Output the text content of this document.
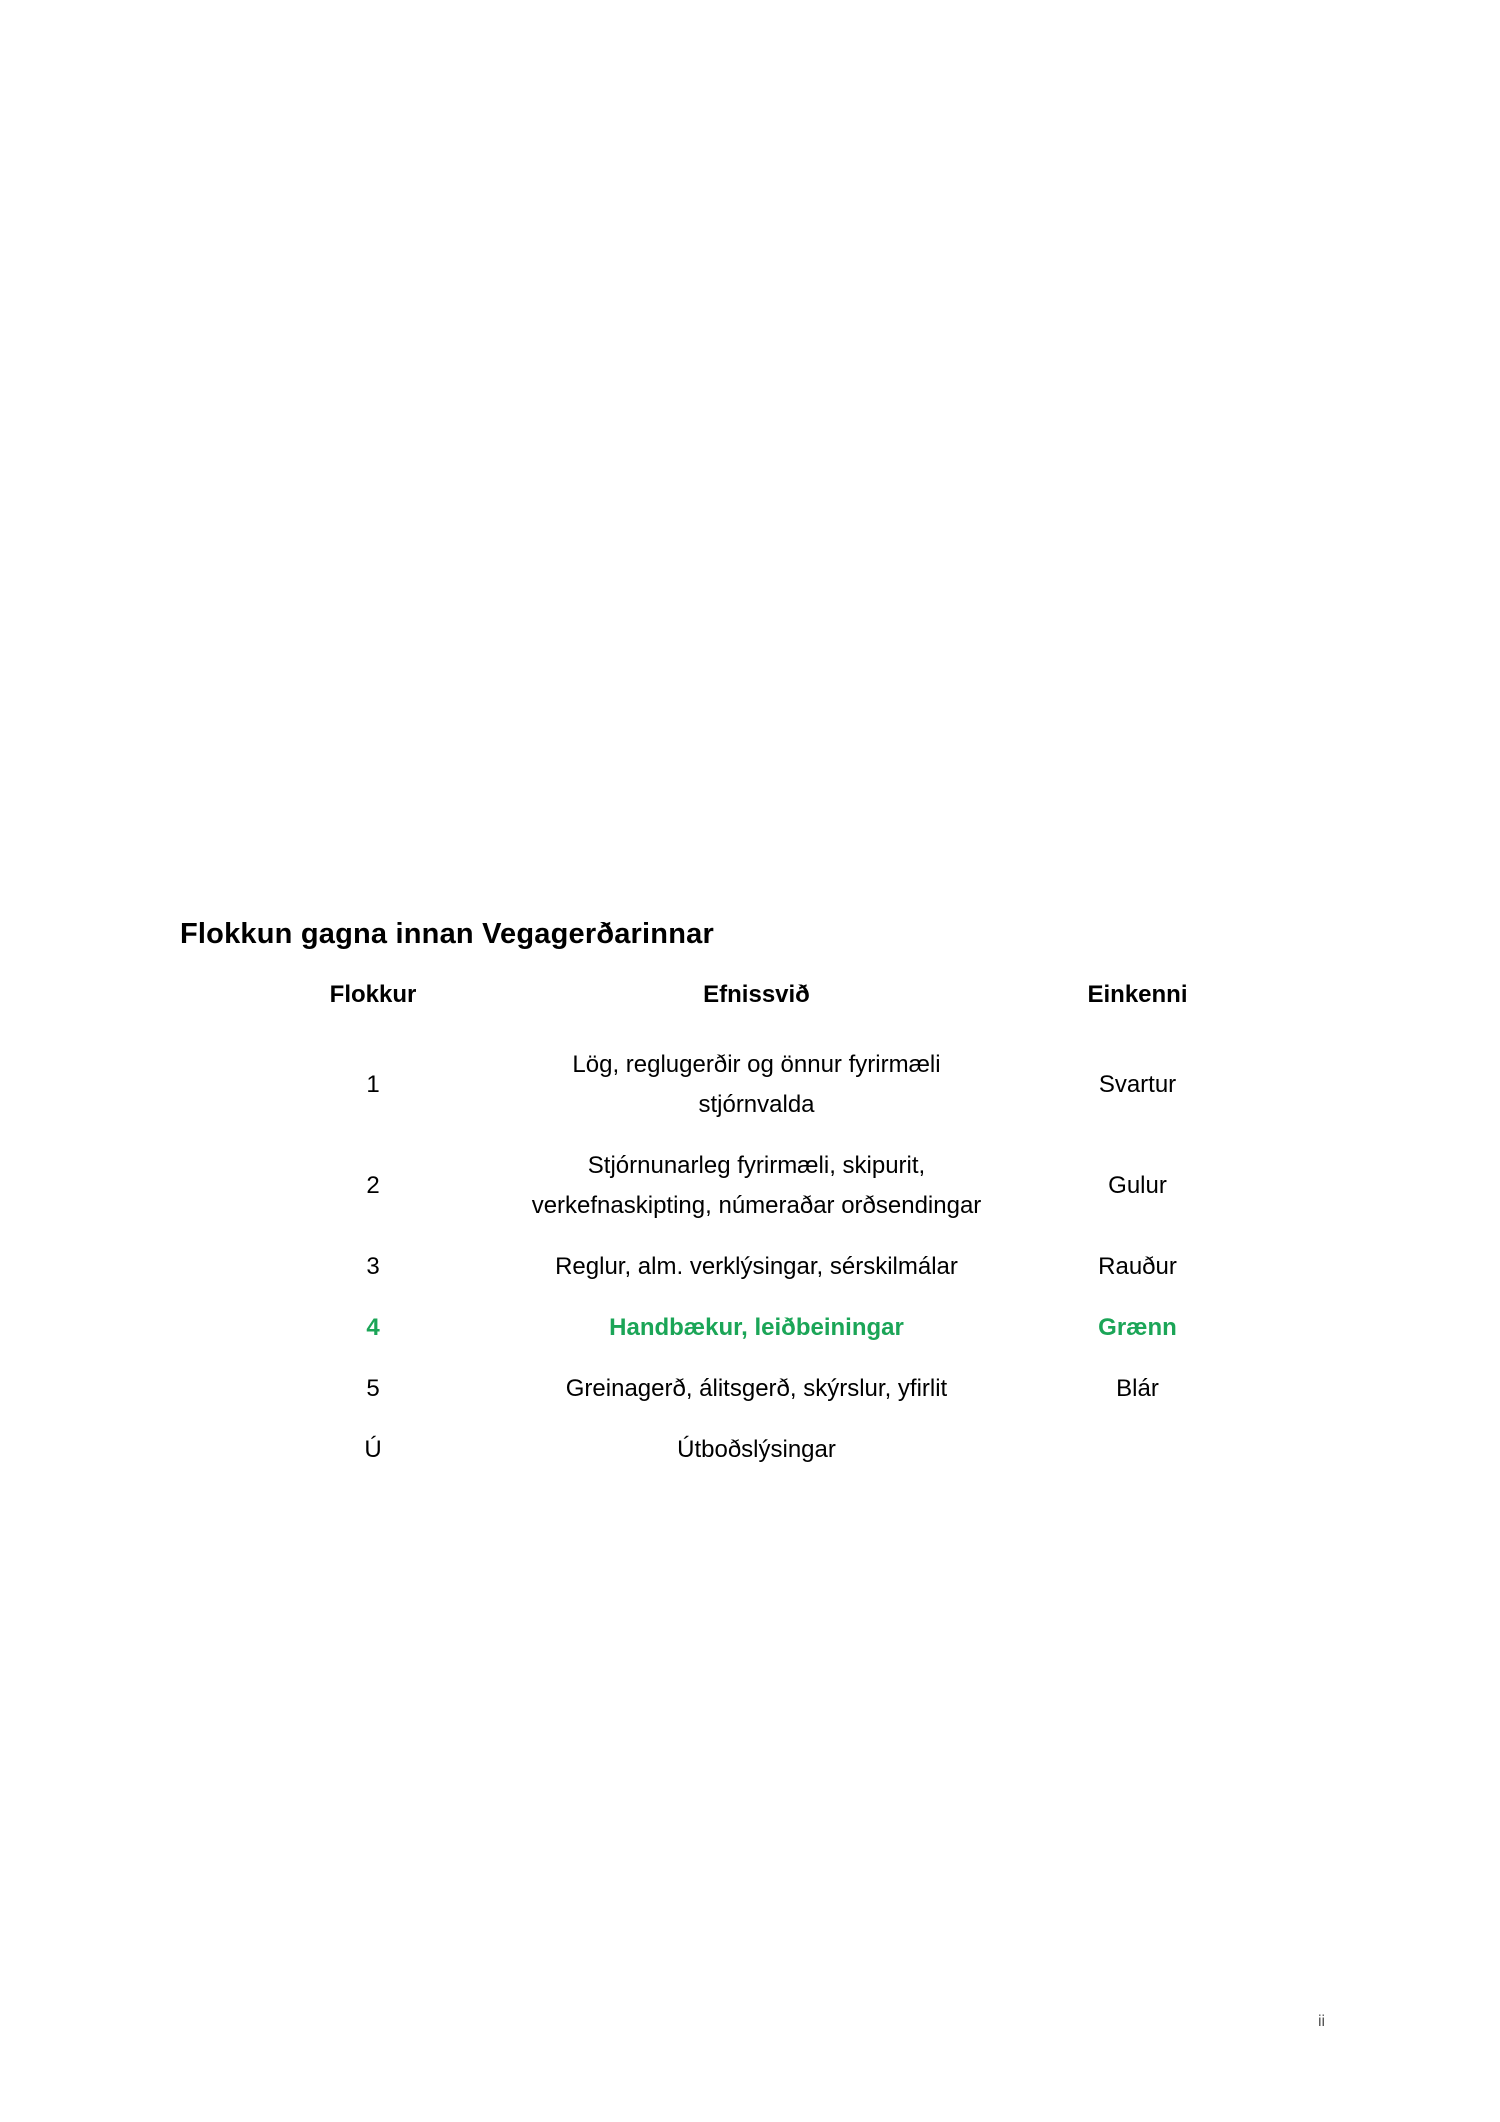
Flokkun gagna innan Vegagerðarinnar
Flokkur	Efnissvið	Einkenni
1	Lög, reglugerðir og önnur fyrirmæli stjórnvalda	Svartur
2	Stjórnunarleg fyrirmæli, skipurit, verkefnaskipting, númeraðar orðsendingar	Gulur
3	Reglur, alm. verklýsingar, sérskilmálar	Rauður
4	Handbækur, leiðbeiningar	Grænn
5	Greinagerð, álitsgerð, skýrslur, yfirlit	Blár
Ú	Útboðslýsingar	
ii
